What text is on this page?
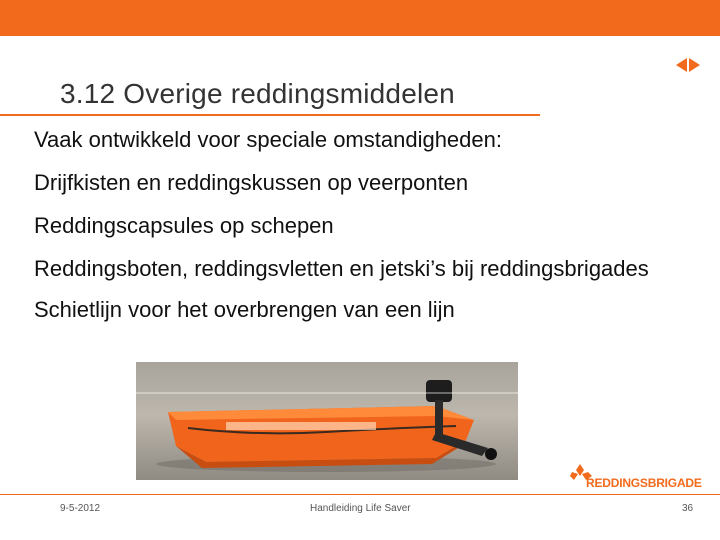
3.12 Overige reddingsmiddelen
Vaak ontwikkeld voor speciale omstandigheden:
Drijfkisten en reddingskussen op veerponten
Reddingscapsules op schepen
Reddingsboten, reddingsvletten en jetski’s bij reddingsbrigades
Schietlijn voor het overbrengen van een lijn
REDDINGSBRIGADE
9-5-2012	Handleiding Life Saver	36
